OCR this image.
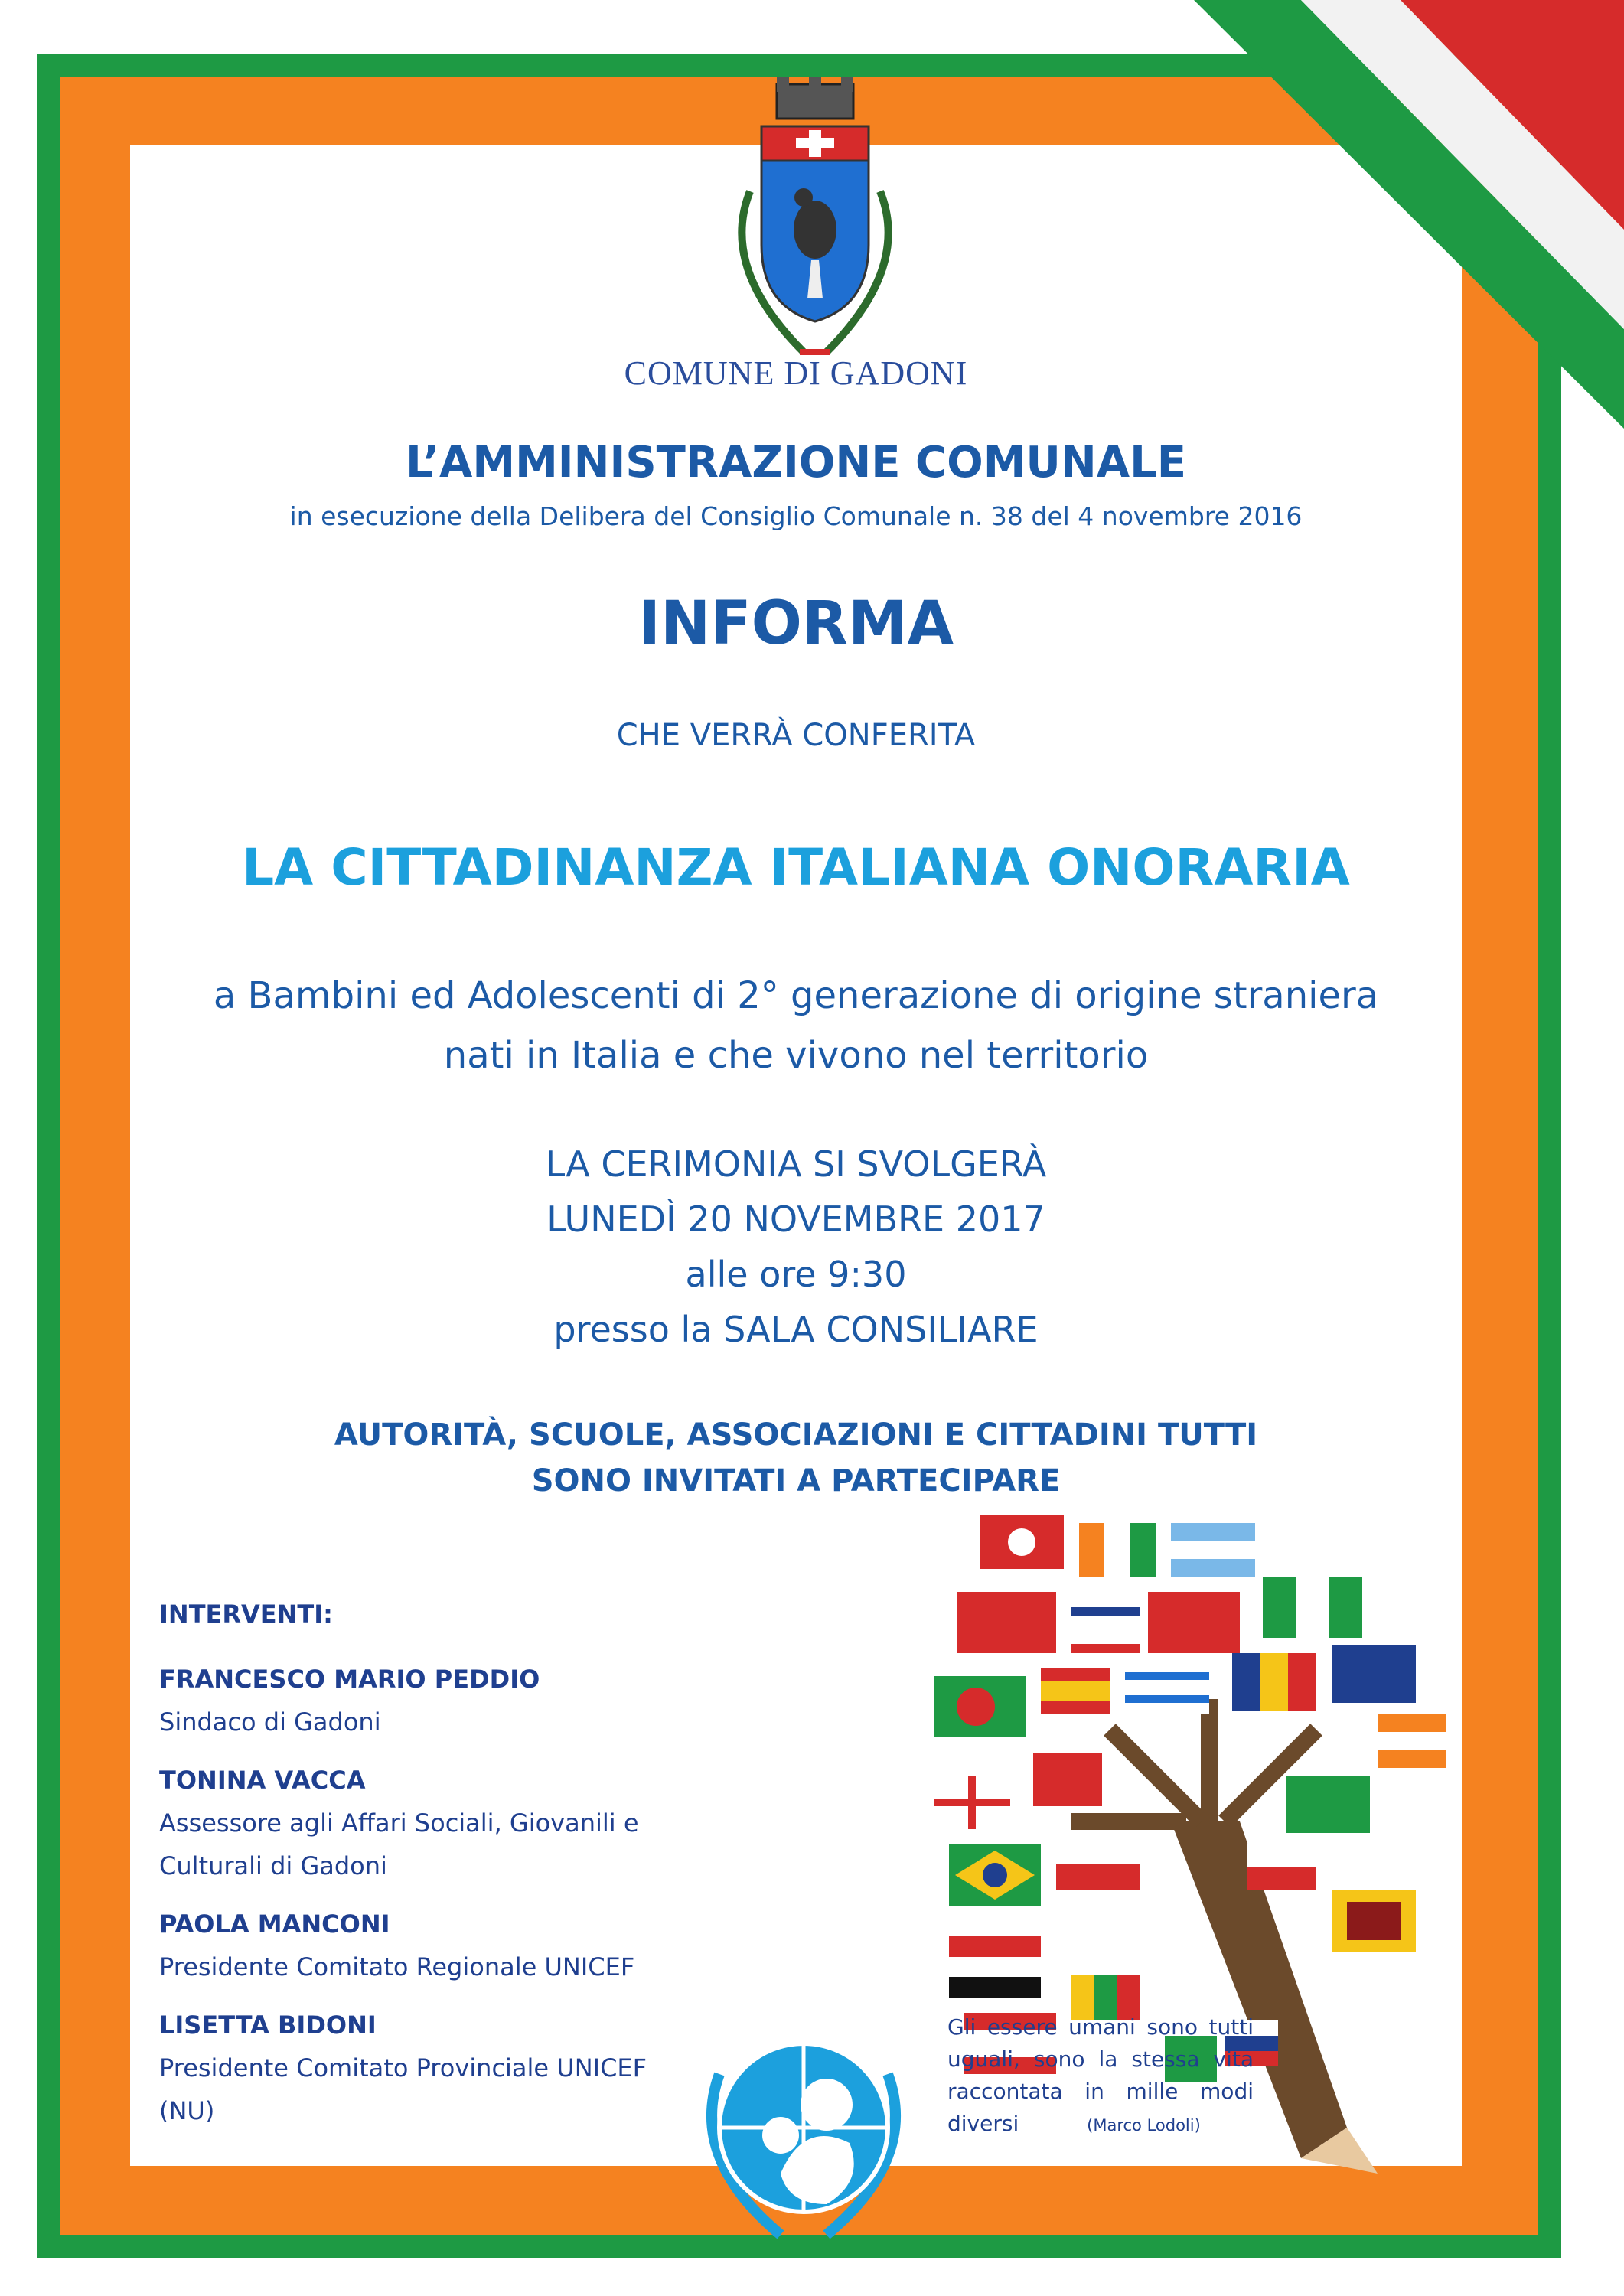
COMUNE DI GADONI
L’AMMINISTRAZIONE COMUNALE
in esecuzione della Delibera del Consiglio Comunale n. 38 del 4 novembre 2016
INFORMA
CHE VERRÀ CONFERITA
LA CITTADINANZA ITALIANA ONORARIA
a Bambini ed Adolescenti di 2° generazione di origine straniera
nati in Italia e che vivono nel territorio
LA CERIMONIA SI SVOLGERÀ
LUNEDÌ 20 NOVEMBRE 2017
alle ore 9:30
presso la SALA CONSILIARE
AUTORITÀ, SCUOLE, ASSOCIAZIONI E CITTADINI TUTTI
SONO INVITATI A PARTECIPARE
INTERVENTI:
FRANCESCO MARIO PEDDIO
Sindaco di Gadoni
TONINA VACCA
Assessore agli Affari Sociali, Giovanili e Culturali di Gadoni
PAOLA MANCONI
Presidente Comitato Regionale UNICEF
LISETTA BIDONI
Presidente Comitato Provinciale UNICEF (NU)
Gli essere umani sono tutti uguali, sono la stessa vita raccontata in mille modi diversi	(Marco Lodoli)
